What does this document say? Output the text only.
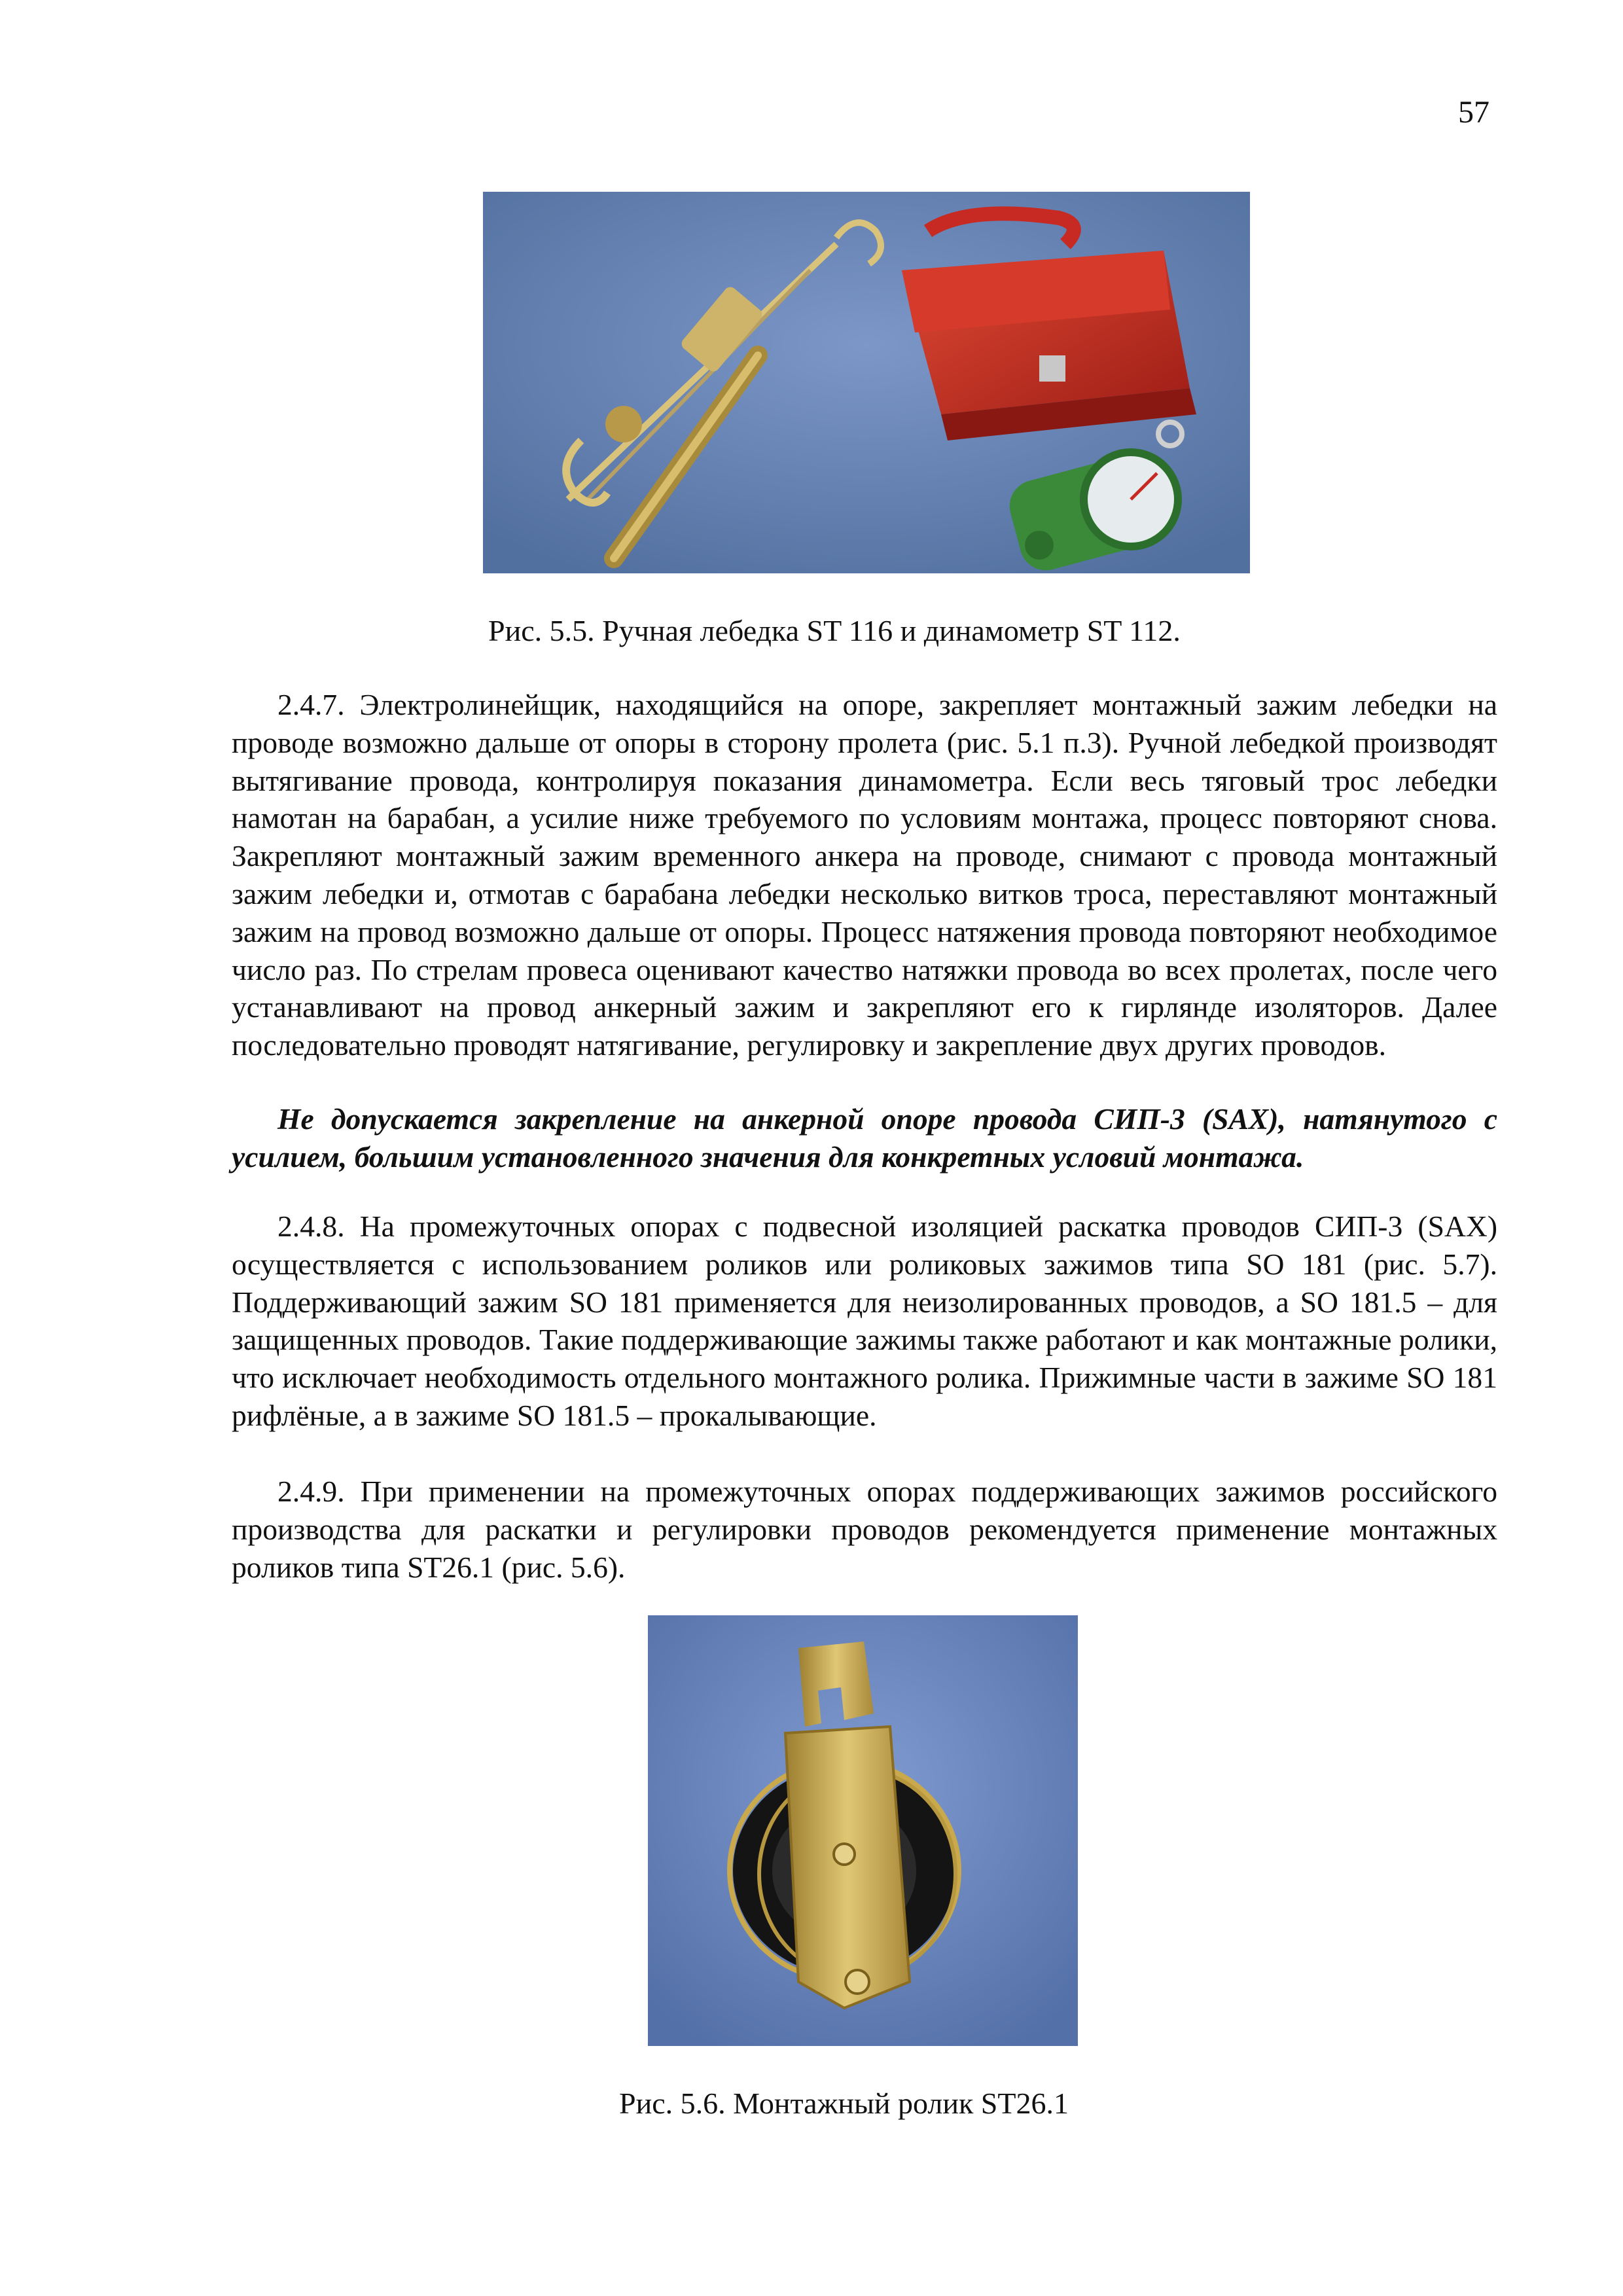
57
Рис. 5.5. Ручная лебедка ST 116 и динамометр ST 112.

2.4.7. Электролинейщик, находящийся на опоре, закрепляет монтажный зажим лебедки на проводе возможно дальше от опоры в сторону пролета (рис. 5.1 п.3). Ручной лебедкой производят вытягивание провода, контролируя показания динамометра. Если весь тяговый трос лебедки намотан на барабан, а усилие ниже требуемого по условиям монтажа, процесс повторяют снова. Закрепляют монтажный зажим временного анкера на проводе, снимают с провода монтажный зажим лебедки и, отмотав с барабана лебедки несколько витков троса, переставляют монтажный зажим на провод возможно дальше от опоры. Процесс натяжения провода повторяют необходимое число раз. По стрелам провеса оценивают качество натяжки провода во всех пролетах, после чего устанавливают на провод анкерный зажим и закрепляют его к гирлянде изоляторов. Далее последовательно проводят натягивание, регулировку и закрепление двух других проводов.

Не допускается закрепление на анкерной опоре провода СИП-3 (SAX), натянутого с усилием, большим установленного значения для конкретных условий монтажа.

2.4.8. На промежуточных опорах с подвесной изоляцией раскатка проводов СИП-3 (SAX) осуществляется с использованием роликов или роликовых зажимов типа SO 181 (рис. 5.7). Поддерживающий зажим SO 181 применяется для неизолированных проводов, а SO 181.5 – для защищенных проводов. Такие поддерживающие зажимы также работают и как монтажные ролики, что исключает необходимость отдельного монтажного ролика. Прижимные части в зажиме SO 181 рифлёные, а в зажиме SO 181.5 – прокалывающие.

2.4.9. При применении на промежуточных опорах поддерживающих зажимов российского производства для раскатки и регулировки проводов рекомендуется применение монтажных роликов типа ST26.1 (рис. 5.6).

Рис. 5.6. Монтажный ролик ST26.1
